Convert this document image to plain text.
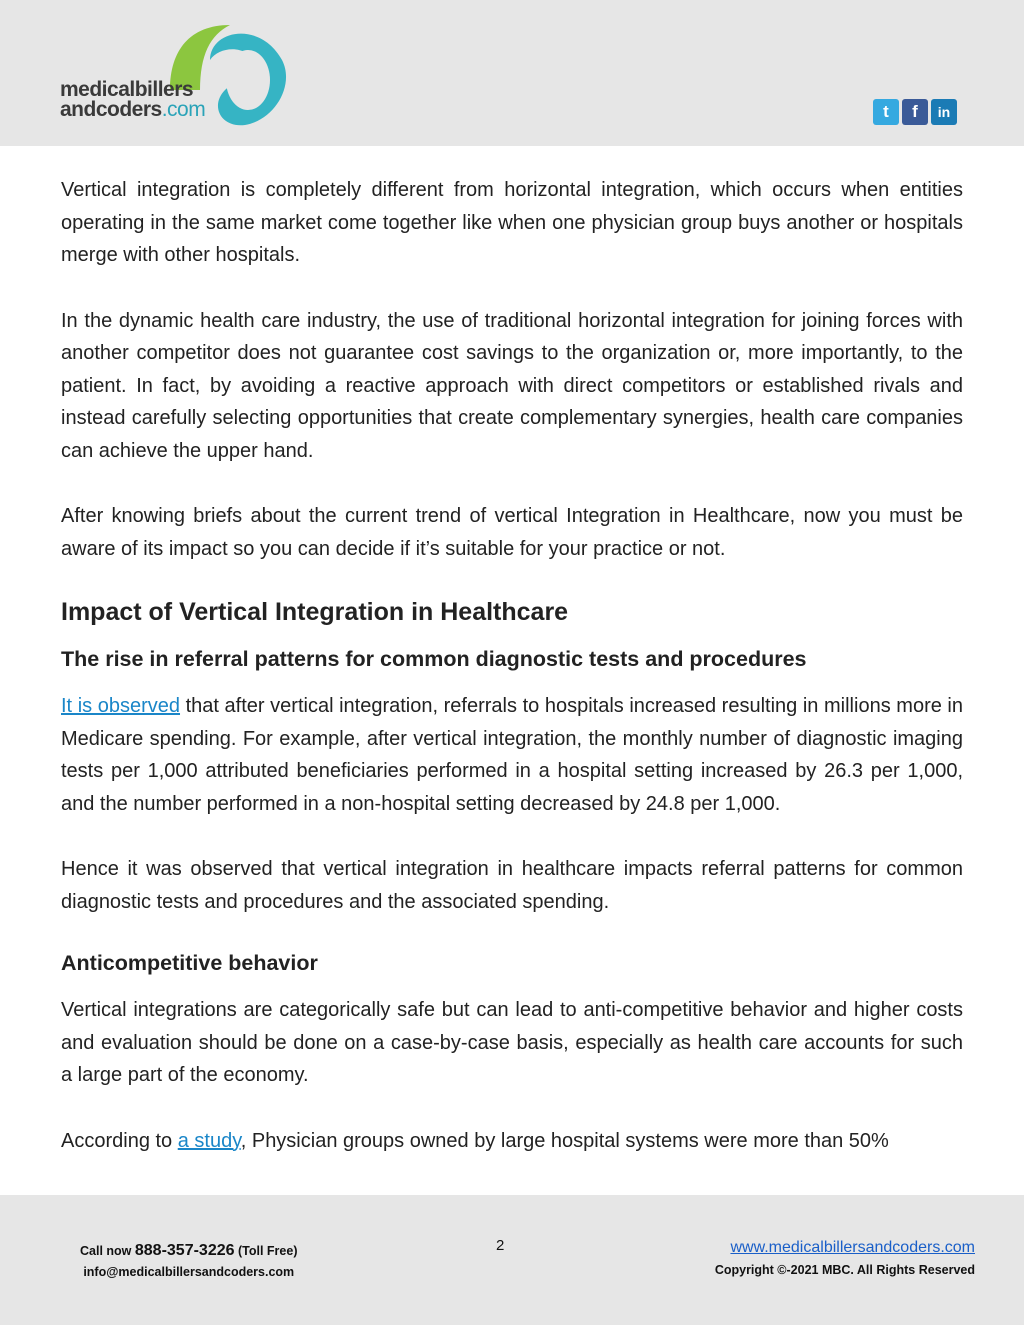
medicalbillers
andcoders.com	t	f	in

Vertical integration is completely different from horizontal integration, which occurs when entities operating in the same market come together like when one physician group buys another or hospitals merge with other hospitals.

In the dynamic health care industry, the use of traditional horizontal integration for joining forces with another competitor does not guarantee cost savings to the organization or, more importantly, to the patient. In fact, by avoiding a reactive approach with direct competitors or established rivals and instead carefully selecting opportunities that create complementary synergies, health care companies can achieve the upper hand.

After knowing briefs about the current trend of vertical Integration in Healthcare, now you must be aware of its impact so you can decide if it’s suitable for your practice or not.

Impact of Vertical Integration in Healthcare
The rise in referral patterns for common diagnostic tests and procedures

It is observed that after vertical integration, referrals to hospitals increased resulting in millions more in Medicare spending. For example, after vertical integration, the monthly number of diagnostic imaging tests per 1,000 attributed beneficiaries performed in a hospital setting increased by 26.3 per 1,000, and the number performed in a non-hospital setting decreased by 24.8 per 1,000.

Hence it was observed that vertical integration in healthcare impacts referral patterns for common diagnostic tests and procedures and the associated spending.

Anticompetitive behavior

Vertical integrations are categorically safe but can lead to anti-competitive behavior and higher costs and evaluation should be done on a case-by-case basis, especially as health care accounts for such a large part of the economy.

According to a study, Physician groups owned by large hospital systems were more than 50%

Call now 888-357-3226 (Toll Free)
info@medicalbillersandcoders.com
2	www.medicalbillersandcoders.com
Copyright ©-2021 MBC. All Rights Reserved
